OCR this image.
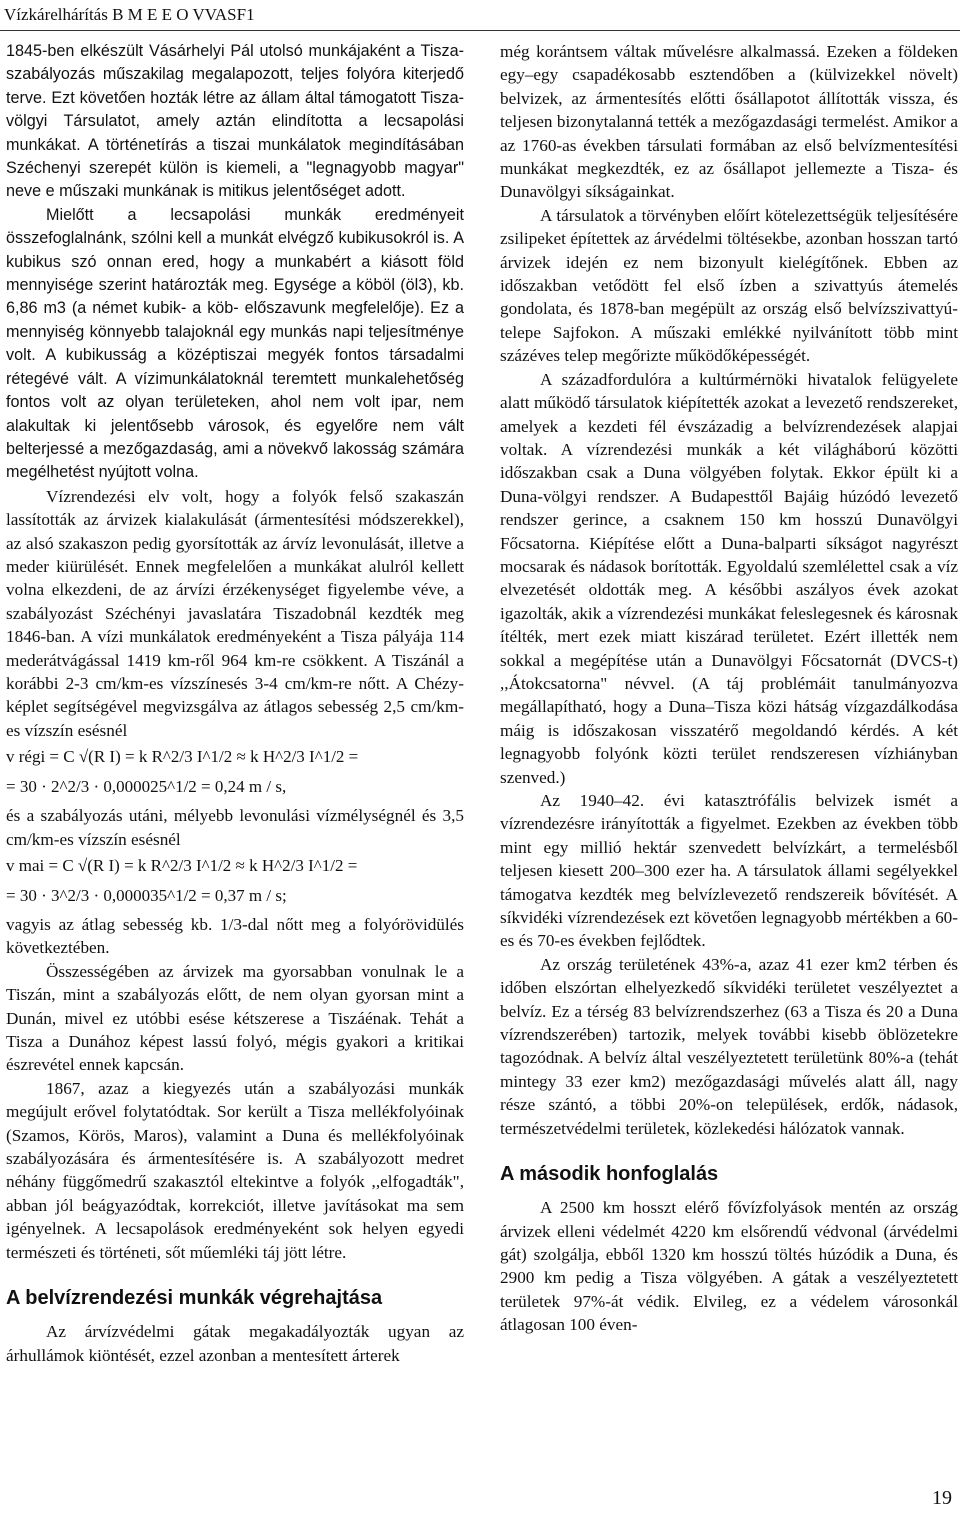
Vízkárelhárítás B M E E O VVASF1

1845-ben elkészült Vásárhelyi Pál utolsó munkájaként a Tisza-szabályozás műszakilag megalapozott, teljes folyóra kiterjedő terve. Ezt követően hozták létre az állam által támogatott Tisza-völgyi Társulatot, amely aztán elindította a lecsapolási munkákat. A történetírás a tiszai munkálatok megindításában Széchenyi szerepét külön is kiemeli, a "legnagyobb magyar" neve e műszaki munkának is mitikus jelentőséget adott.

Mielőtt a lecsapolási munkák eredményeit összefoglalnánk, szólni kell a munkát elvégző kubikusokról is. A kubikus szó onnan ered, hogy a munkabért a kiásott föld mennyisége szerint határozták meg. Egysége a köböl (öl3), kb. 6,86 m3 (a német kubik- a köb- előszavunk megfelelője). Ez a mennyiség könnyebb talajoknál egy munkás napi teljesítménye volt. A kubikusság a középtiszai megyék fontos társadalmi rétegévé vált. A vízimunkálatoknál teremtett munkalehetőség fontos volt az olyan területeken, ahol nem volt ipar, nem alakultak ki jelentősebb városok, és egyelőre nem vált belterjessé a mezőgazdaság, ami a növekvő lakosság számára megélhetést nyújtott volna.

Vízrendezési elv volt, hogy a folyók felső szakaszán lassították az árvizek kialakulását (ármentesítési módszerekkel), az alsó szakaszon pedig gyorsították az árvíz levonulását, illetve a meder kiürülését. Ennek megfelelően a munkákat alulról kellett volna elkezdeni, de az árvízi érzékenységet figyelembe véve, a szabályozást Széchényi javaslatára Tiszadobnál kezdték meg 1846-ban. A vízi munkálatok eredményeként a Tisza pályája 114 mederátvágással 1419 km-ről 964 km-re csökkent. A Tiszánál a korábbi 2-3 cm/km-es vízszínesés 3-4 cm/km-re nőtt. A Chézy-képlet segítségével megvizsgálva az átlagos sebesség 2,5 cm/km-es vízszín esésnél

v régi = C √(R I) = k R^2/3 I^1/2 ≈ k H^2/3 I^1/2 =
= 30 · 2^2/3 · 0,000025^1/2 = 0,24 m / s,

és a szabályozás utáni, mélyebb levonulási vízmélységnél és 3,5 cm/km-es vízszín esésnél

v mai = C √(R I) = k R^2/3 I^1/2 ≈ k H^2/3 I^1/2 =
= 30 · 3^2/3 · 0,000035^1/2 = 0,37 m / s;

vagyis az átlag sebesség kb. 1/3-dal nőtt meg a folyórövidülés következtében.

Összességében az árvizek ma gyorsabban vonulnak le a Tiszán, mint a szabályozás előtt, de nem olyan gyorsan mint a Dunán, mivel ez utóbbi esése kétszerese a Tiszáénak. Tehát a Tisza a Dunához képest lassú folyó, mégis gyakori a kritikai észrevétel ennek kapcsán.

1867, azaz a kiegyezés után a szabályozási munkák megújult erővel folytatódtak. Sor került a Tisza mellékfolyóinak (Szamos, Körös, Maros), valamint a Duna és mellékfolyóinak szabályozására és ármentesítésére is. A szabályozott medret néhány függőmedrű szakasztól eltekintve a folyók ,,elfogadták", abban jól beágyazódtak, korrekciót, illetve javításokat ma sem igényelnek. A lecsapolások eredményeként sok helyen egyedi természeti és történeti, sőt műemléki táj jött létre.

A belvízrendezési munkák végrehajtása

Az árvízvédelmi gátak megakadályozták ugyan az árhullámok kiöntését, ezzel azonban a mentesített árterek

még korántsem váltak művelésre alkalmassá. Ezeken a földeken egy–egy csapadékosabb esztendőben a (külvizekkel növelt) belvizek, az ármentesítés előtti ősállapotot állították vissza, és teljesen bizonytalanná tették a mezőgazdasági termelést. Amikor a az 1760-as években társulati formában az első belvízmentesítési munkákat megkezdték, ez az ősállapot jellemezte a Tisza- és Dunavölgyi síkságainkat.

A társulatok a törvényben előírt kötelezettségük teljesítésére zsilipeket építettek az árvédelmi töltésekbe, azonban hosszan tartó árvizek idején ez nem bizonyult kielégítőnek. Ebben az időszakban vetődött fel első ízben a szivattyús átemelés gondolata, és 1878-ban megépült az ország első belvízszivattyú-telepe Sajfokon. A műszaki emlékké nyilvánított több mint százéves telep megőrizte működőképességét.

A századfordulóra a kultúrmérnöki hivatalok felügyelete alatt működő társulatok kiépítették azokat a levezető rendszereket, amelyek a kezdeti fél évszázadig a belvízrendezések alapjai voltak. A vízrendezési munkák a két világháború közötti időszakban csak a Duna völgyében folytak. Ekkor épült ki a Duna-völgyi rendszer. A Budapesttől Bajáig húzódó levezető rendszer gerince, a csaknem 150 km hosszú Dunavölgyi Főcsatorna. Kiépítése előtt a Duna-balparti síkságot nagyrészt mocsarak és nádasok borították. Egyoldalú szemlélettel csak a víz elvezetését oldották meg. A későbbi aszályos évek azokat igazolták, akik a vízrendezési munkákat feleslegesnek és károsnak ítélték, mert ezek miatt kiszárad területet. Ezért illették nem sokkal a megépítése után a Dunavölgyi Főcsatornát (DVCS-t) ,,Átokcsatorna" névvel. (A táj problémáit tanulmányozva megállapítható, hogy a Duna–Tisza közi hátság vízgazdálkodása máig is időszakosan visszatérő megoldandó kérdés. A két legnagyobb folyónk közti terület rendszeresen vízhiányban szenved.)

Az 1940–42. évi katasztrófális belvizek ismét a vízrendezésre irányították a figyelmet. Ezekben az években több mint egy millió hektár szenvedett belvízkárt, a termelésből teljesen kiesett 200–300 ezer ha. A társulatok állami segélyekkel támogatva kezdték meg belvízlevezető rendszereik bővítését. A síkvidéki vízrendezések ezt követően legnagyobb mértékben a 60-es és 70-es években fejlődtek.

Az ország területének 43%-a, azaz 41 ezer km2 térben és időben elszórtan elhelyezkedő síkvidéki területet veszélyeztet a belvíz. Ez a térség 83 belvízrendszerhez (63 a Tisza és 20 a Duna vízrendszerében) tartozik, melyek további kisebb öblözetekre tagozódnak. A belvíz által veszélyeztetett területünk 80%-a (tehát mintegy 33 ezer km2) mezőgazdasági művelés alatt áll, nagy része szántó, a többi 20%-on települések, erdők, nádasok, természetvédelmi területek, közlekedési hálózatok vannak.

A második honfoglalás

A 2500 km hosszt elérő fővízfolyások mentén az ország árvizek elleni védelmét 4220 km elsőrendű védvonal (árvédelmi gát) szolgálja, ebből 1320 km hosszú töltés húzódik a Duna, és 2900 km pedig a Tisza völgyében. A gátak a veszélyeztetett területek 97%-át védik. Elvileg, ez a védelem városonkál átlagosan 100 éven-

19
